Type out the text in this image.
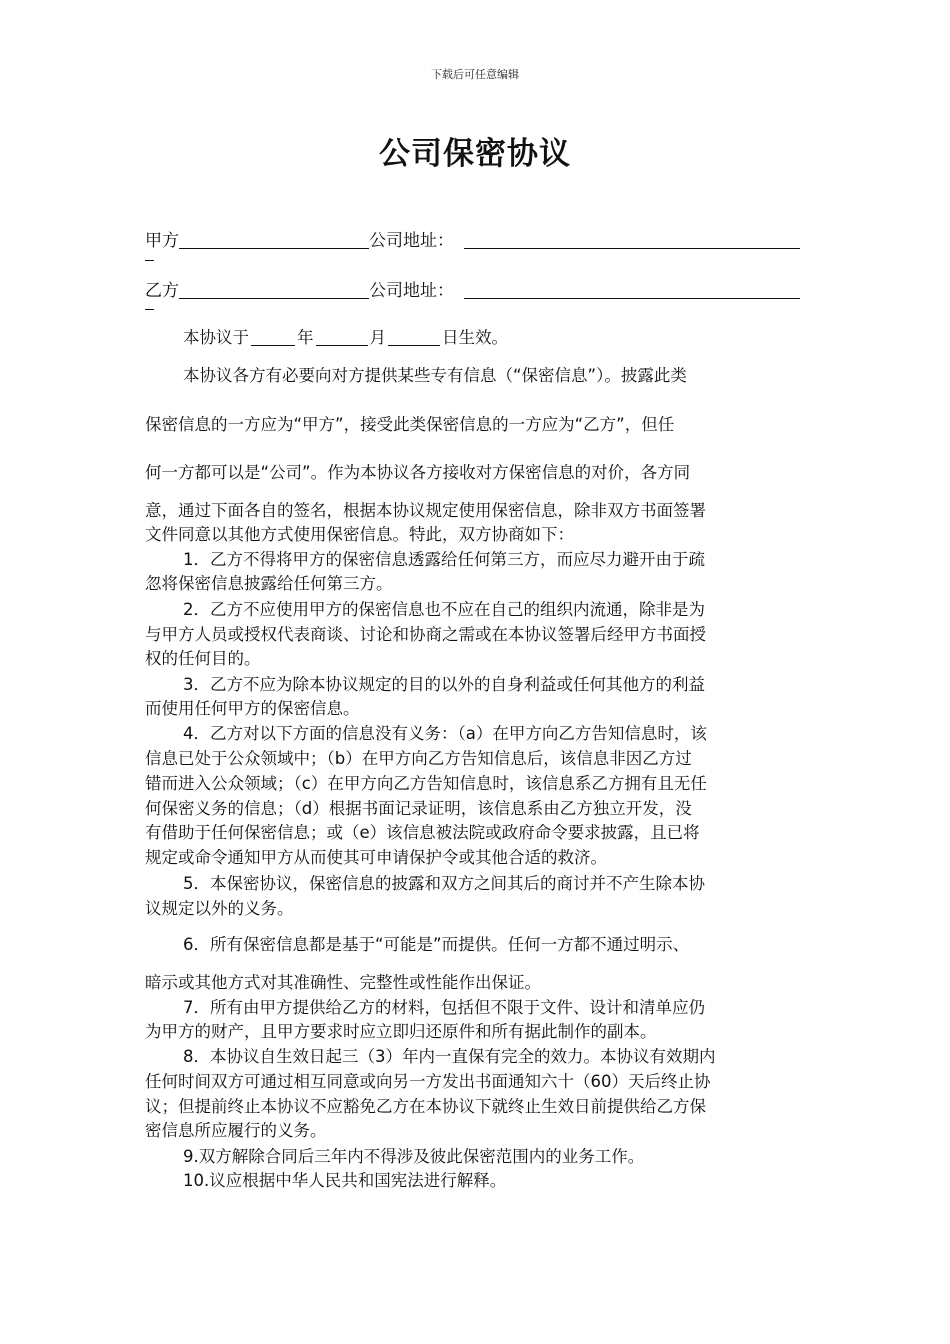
下载后可任意编辑
公司保密协议
甲方	公司地址：
乙方	公司地址：
本协议于	年	月	日生效。
本协议各方有必要向对方提供某些专有信息（“保密信息”）。披露此类
保密信息的一方应为“甲方”，接受此类保密信息的一方应为“乙方”，但任
何一方都可以是“公司”。作为本协议各方接收对方保密信息的对价，各方同
意，通过下面各自的签名，根据本协议规定使用保密信息，除非双方书面签署
文件同意以其他方式使用保密信息。特此，双方协商如下：
1．乙方不得将甲方的保密信息透露给任何第三方，而应尽力避开由于疏
忽将保密信息披露给任何第三方。
2．乙方不应使用甲方的保密信息也不应在自己的组织内流通，除非是为
与甲方人员或授权代表商谈、讨论和协商之需或在本协议签署后经甲方书面授
权的任何目的。
3．乙方不应为除本协议规定的目的以外的自身利益或任何其他方的利益
而使用任何甲方的保密信息。
4．乙方对以下方面的信息没有义务：（a）在甲方向乙方告知信息时，该
信息已处于公众领域中；（b）在甲方向乙方告知信息后，该信息非因乙方过
错而进入公众领域；（c）在甲方向乙方告知信息时，该信息系乙方拥有且无任
何保密义务的信息；（d）根据书面记录证明，该信息系由乙方独立开发，没
有借助于任何保密信息；或（e）该信息被法院或政府命令要求披露，且已将
规定或命令通知甲方从而使其可申请保护令或其他合适的救济。
5．本保密协议，保密信息的披露和双方之间其后的商讨并不产生除本协
议规定以外的义务。
6．所有保密信息都是基于“可能是”而提供。任何一方都不通过明示、
暗示或其他方式对其准确性、完整性或性能作出保证。
7．所有由甲方提供给乙方的材料，包括但不限于文件、设计和清单应仍
为甲方的财产，且甲方要求时应立即归还原件和所有据此制作的副本。
8．本协议自生效日起三（3）年内一直保有完全的效力。本协议有效期内
任何时间双方可通过相互同意或向另一方发出书面通知六十（60）天后终止协
议；但提前终止本协议不应豁免乙方在本协议下就终止生效日前提供给乙方保
密信息所应履行的义务。
9.双方解除合同后三年内不得涉及彼此保密范围内的业务工作。
10.议应根据中华人民共和国宪法进行解释。
